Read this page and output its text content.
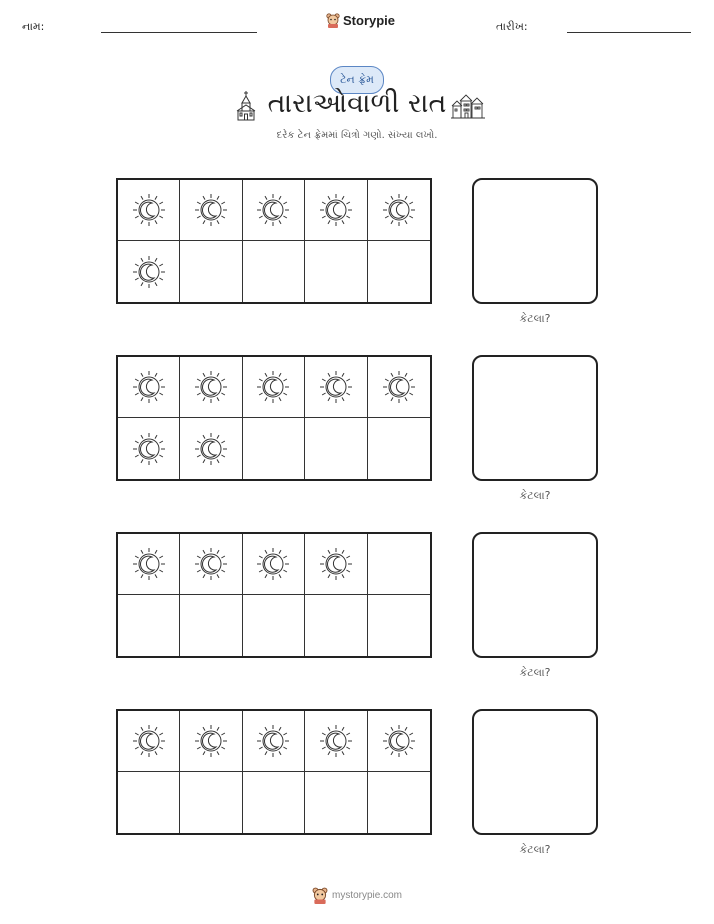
નામ:	Storypie	તારીખ:
ટેન ફ્રેમ
તારાઓવાળી રાત
દરેક ટેન ફ્રેમમાં ચિત્રો ગણો. સંખ્યા લખો.
કેટલા?
કેટલા?
કેટલા?
કેટલા?
mystorypie.com
